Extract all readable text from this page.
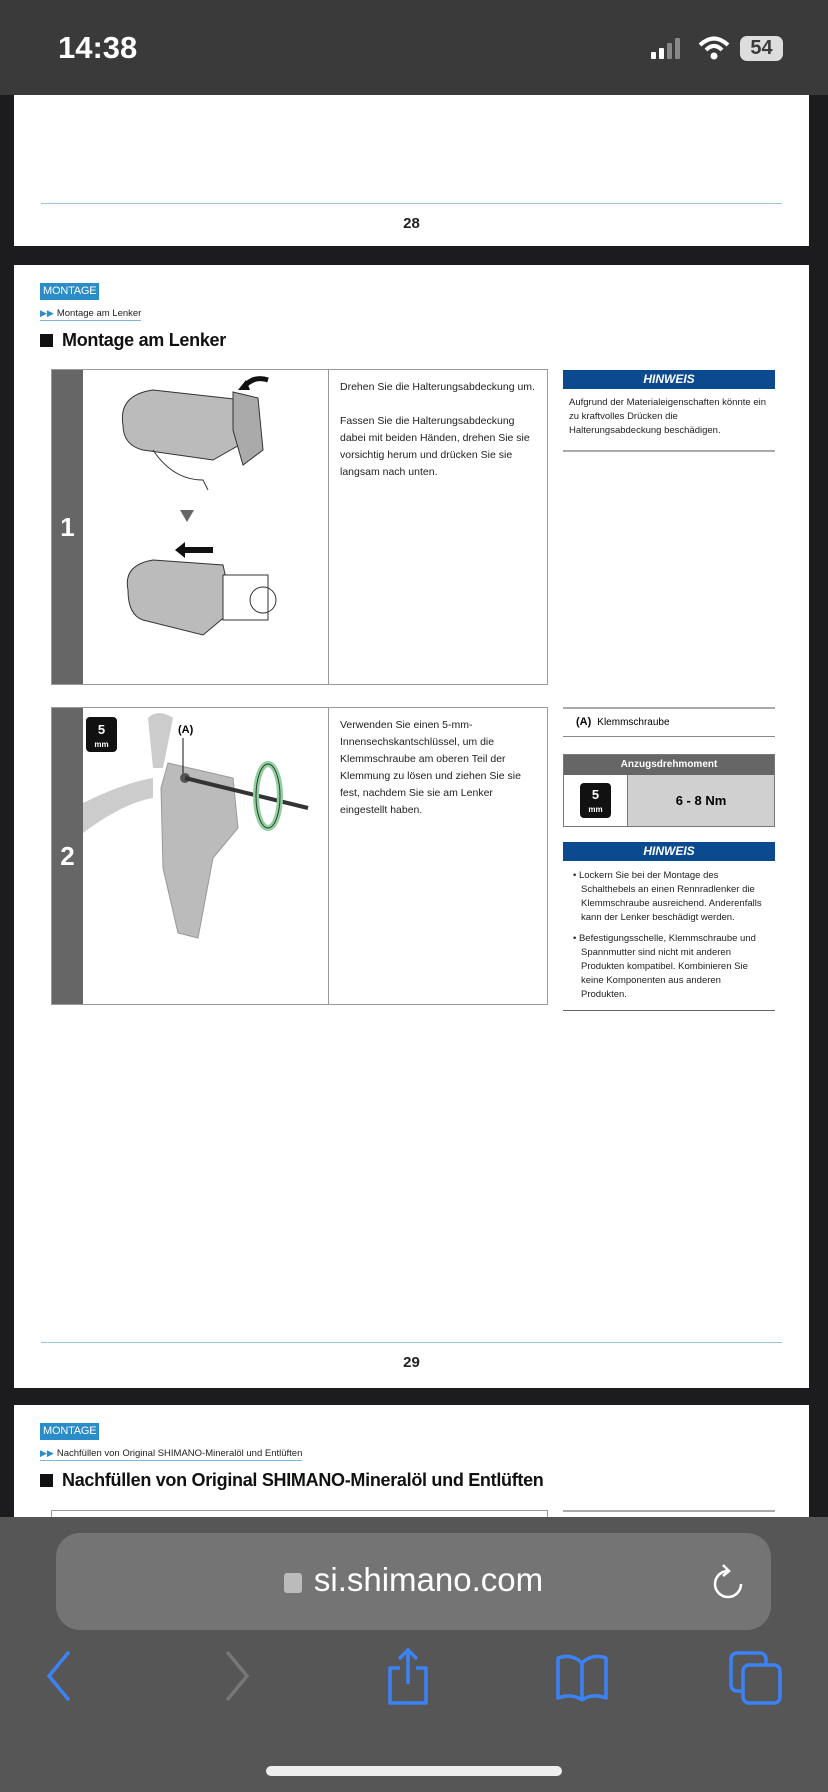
14:38	54
28
MONTAGE
▶▶ Montage am Lenker
Montage am Lenker
1

Drehen Sie die Halterungsabdeckung um.

Fassen Sie die Halterungsabdeckung dabei mit beiden Händen, drehen Sie sie vorsichtig herum und drücken Sie sie langsam nach unten.

HINWEIS
Aufgrund der Materialeigenschaften könnte ein zu kraftvolles Drücken die Halterungsabdeckung beschädigen.
2
5
mm
(A)	Verwenden Sie einen 5-mm-Innensechskantschlüssel, um die Klemmschraube am oberen Teil der Klemmung zu lösen und ziehen Sie sie fest, nachdem Sie sie am Lenker eingestellt haben.

(A) Klemmschraube
Anzugsdrehmoment
5
mm
6 - 8 Nm
HINWEIS
• Lockern Sie bei der Montage des Schalthebels an einen Rennradlenker die Klemmschraube ausreichend. Anderenfalls kann der Lenker beschädigt werden.
• Befestigungsschelle, Klemmschraube und Spannmutter sind nicht mit anderen Produkten kompatibel. Kombinieren Sie keine Komponenten aus anderen Produkten.
29
MONTAGE
▶▶ Nachfüllen von Original SHIMANO-Mineralöl und Entlüften
Nachfüllen von Original SHIMANO-Mineralöl und Entlüften
si.shimano.com
